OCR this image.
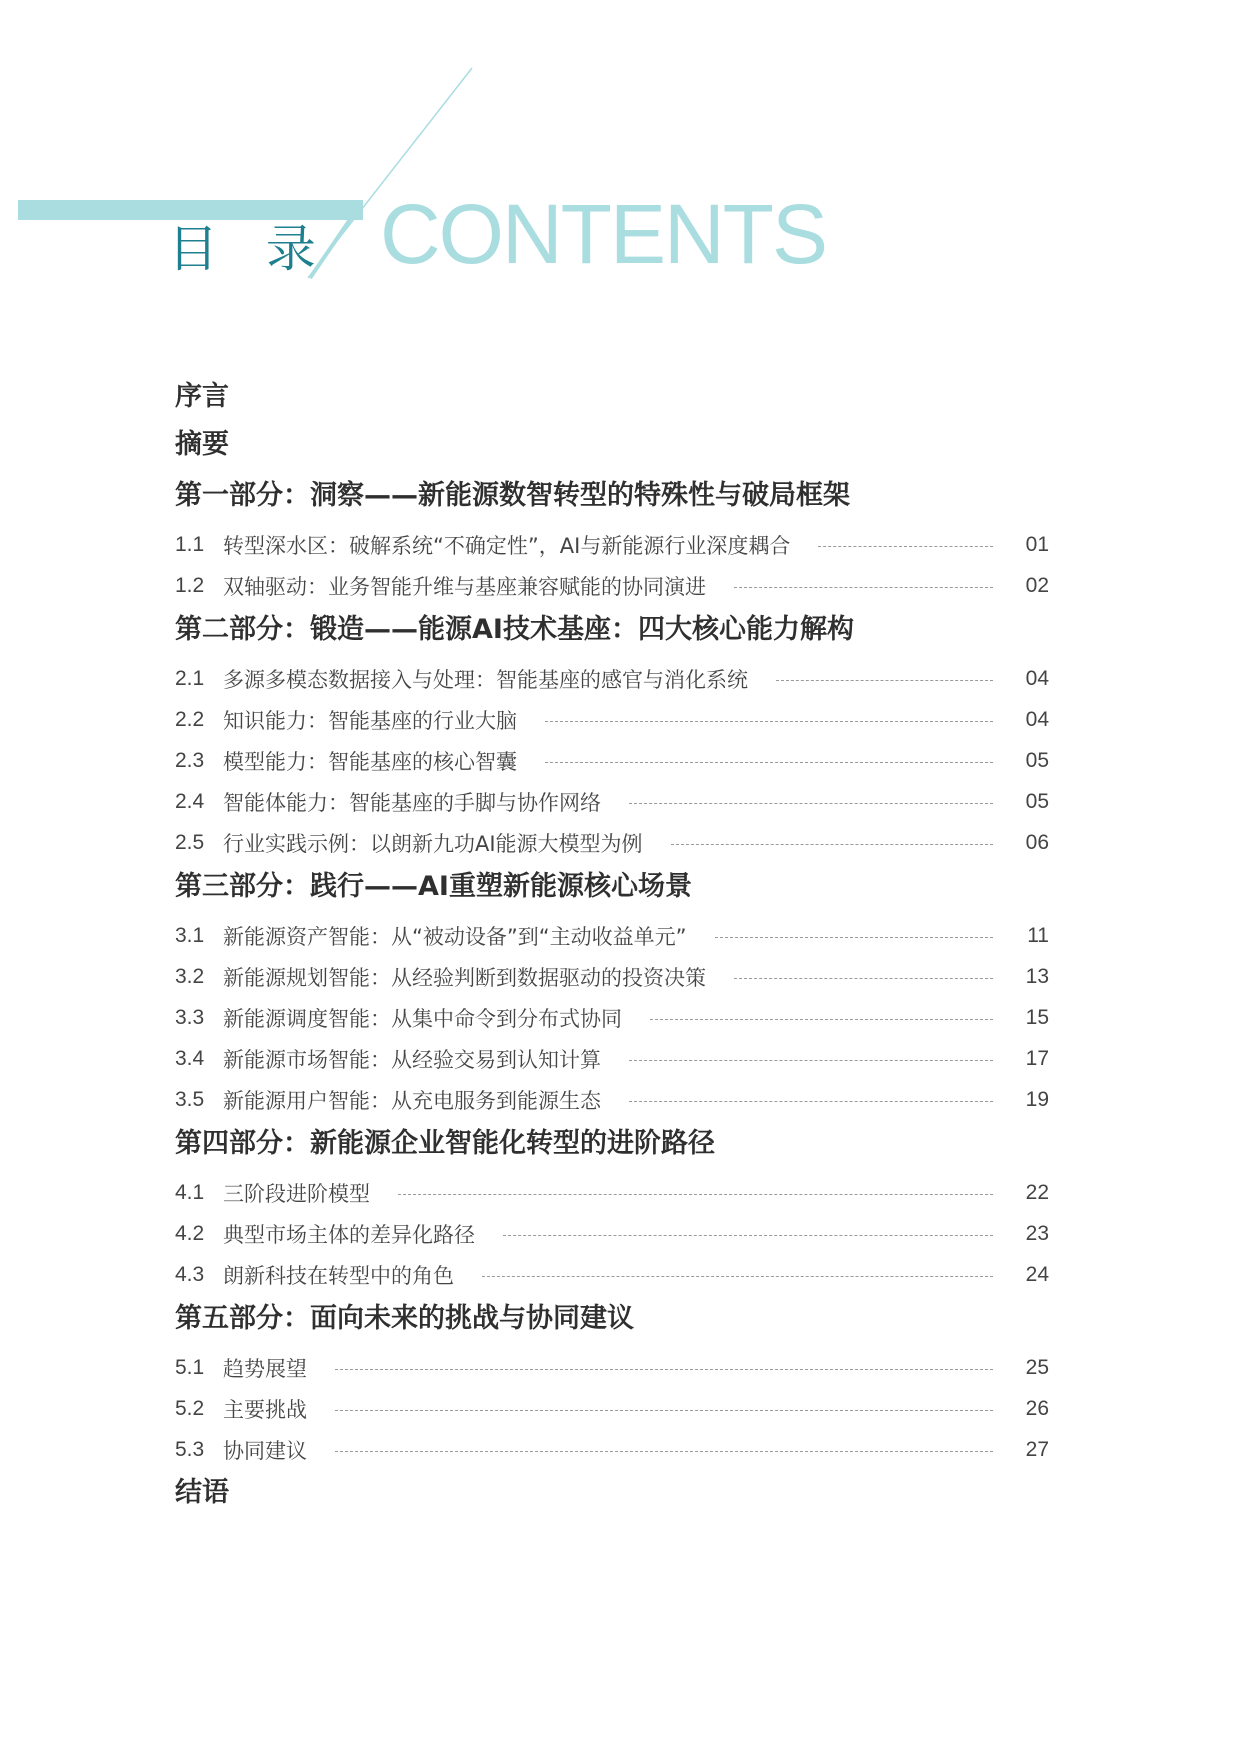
目 录 CONTENTS
序言
摘要
第一部分：洞察——新能源数智转型的特殊性与破局框架
1.1 转型深水区：破解系统“不确定性”，AI与新能源行业深度耦合	01
1.2 双轴驱动：业务智能升维与基座兼容赋能的协同演进	02
第二部分：锻造——能源AI技术基座：四大核心能力解构
2.1 多源多模态数据接入与处理：智能基座的感官与消化系统	04
2.2 知识能力：智能基座的行业大脑	04
2.3 模型能力：智能基座的核心智囊	05
2.4 智能体能力：智能基座的手脚与协作网络	05
2.5 行业实践示例：以朗新九功AI能源大模型为例	06
第三部分：践行——AI重塑新能源核心场景
3.1 新能源资产智能：从“被动设备”到“主动收益单元”	11
3.2 新能源规划智能：从经验判断到数据驱动的投资决策	13
3.3 新能源调度智能：从集中命令到分布式协同	15
3.4 新能源市场智能：从经验交易到认知计算	17
3.5 新能源用户智能：从充电服务到能源生态	19
第四部分：新能源企业智能化转型的进阶路径
4.1 三阶段进阶模型	22
4.2 典型市场主体的差异化路径	23
4.3 朗新科技在转型中的角色	24
第五部分：面向未来的挑战与协同建议
5.1 趋势展望	25
5.2 主要挑战	26
5.3 协同建议	27
结语
